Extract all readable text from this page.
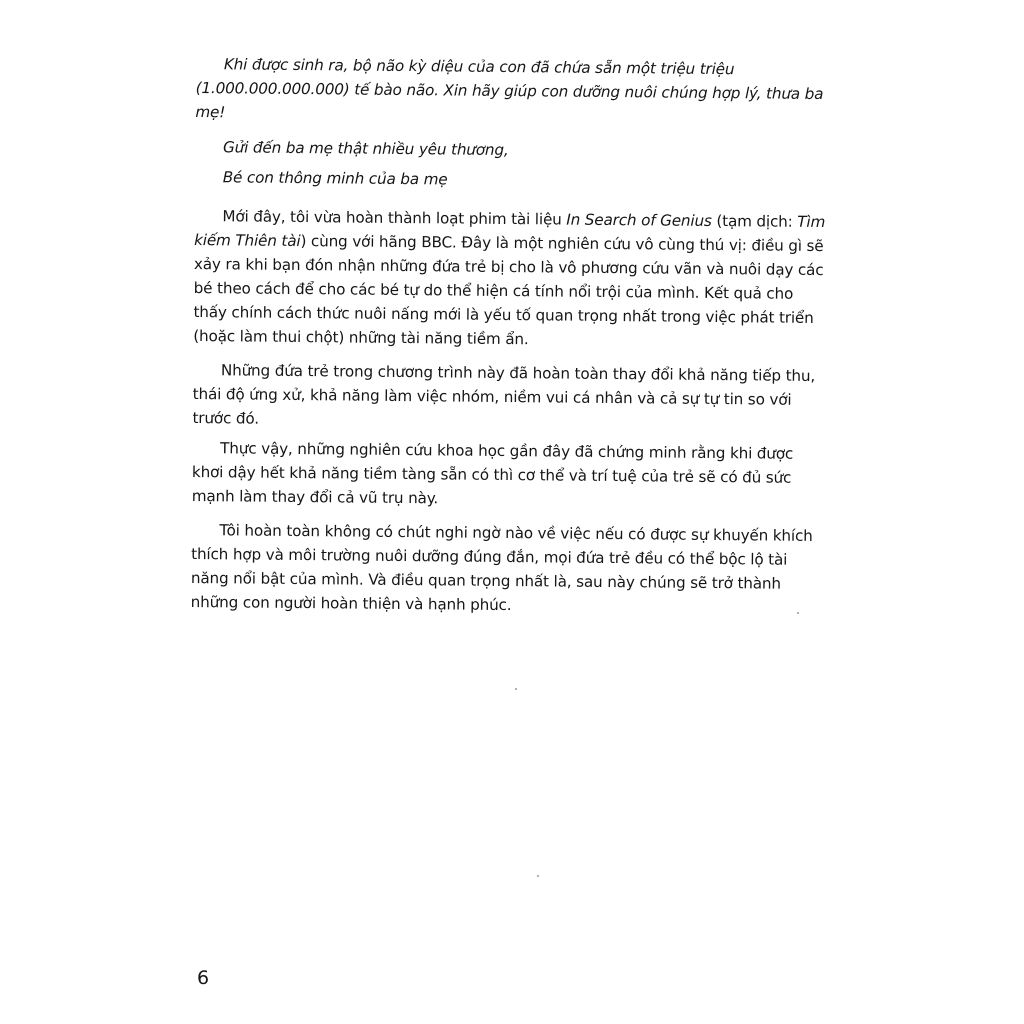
Khi được sinh ra, bộ não kỳ diệu của con đã chứa sẵn một triệu triệu (1.000.000.000.000) tế bào não. Xin hãy giúp con dưỡng nuôi chúng hợp lý, thưa ba mẹ!

Gửi đến ba mẹ thật nhiều yêu thương,

Bé con thông minh của ba mẹ

Mới đây, tôi vừa hoàn thành loạt phim tài liệu In Search of Genius (tạm dịch: Tìm kiếm Thiên tài) cùng với hãng BBC. Đây là một nghiên cứu vô cùng thú vị: điều gì sẽ xảy ra khi bạn đón nhận những đứa trẻ bị cho là vô phương cứu vãn và nuôi dạy các bé theo cách để cho các bé tự do thể hiện cá tính nổi trội của mình. Kết quả cho thấy chính cách thức nuôi nấng mới là yếu tố quan trọng nhất trong việc phát triển (hoặc làm thui chột) những tài năng tiềm ẩn.

Những đứa trẻ trong chương trình này đã hoàn toàn thay đổi khả năng tiếp thu, thái độ ứng xử, khả năng làm việc nhóm, niềm vui cá nhân và cả sự tự tin so với trước đó.

Thực vậy, những nghiên cứu khoa học gần đây đã chứng minh rằng khi được khơi dậy hết khả năng tiềm tàng sẵn có thì cơ thể và trí tuệ của trẻ sẽ có đủ sức mạnh làm thay đổi cả vũ trụ này.

Tôi hoàn toàn không có chút nghi ngờ nào về việc nếu có được sự khuyến khích thích hợp và môi trường nuôi dưỡng đúng đắn, mọi đứa trẻ đều có thể bộc lộ tài năng nổi bật của mình. Và điều quan trọng nhất là, sau này chúng sẽ trở thành những con người hoàn thiện và hạnh phúc.

6
